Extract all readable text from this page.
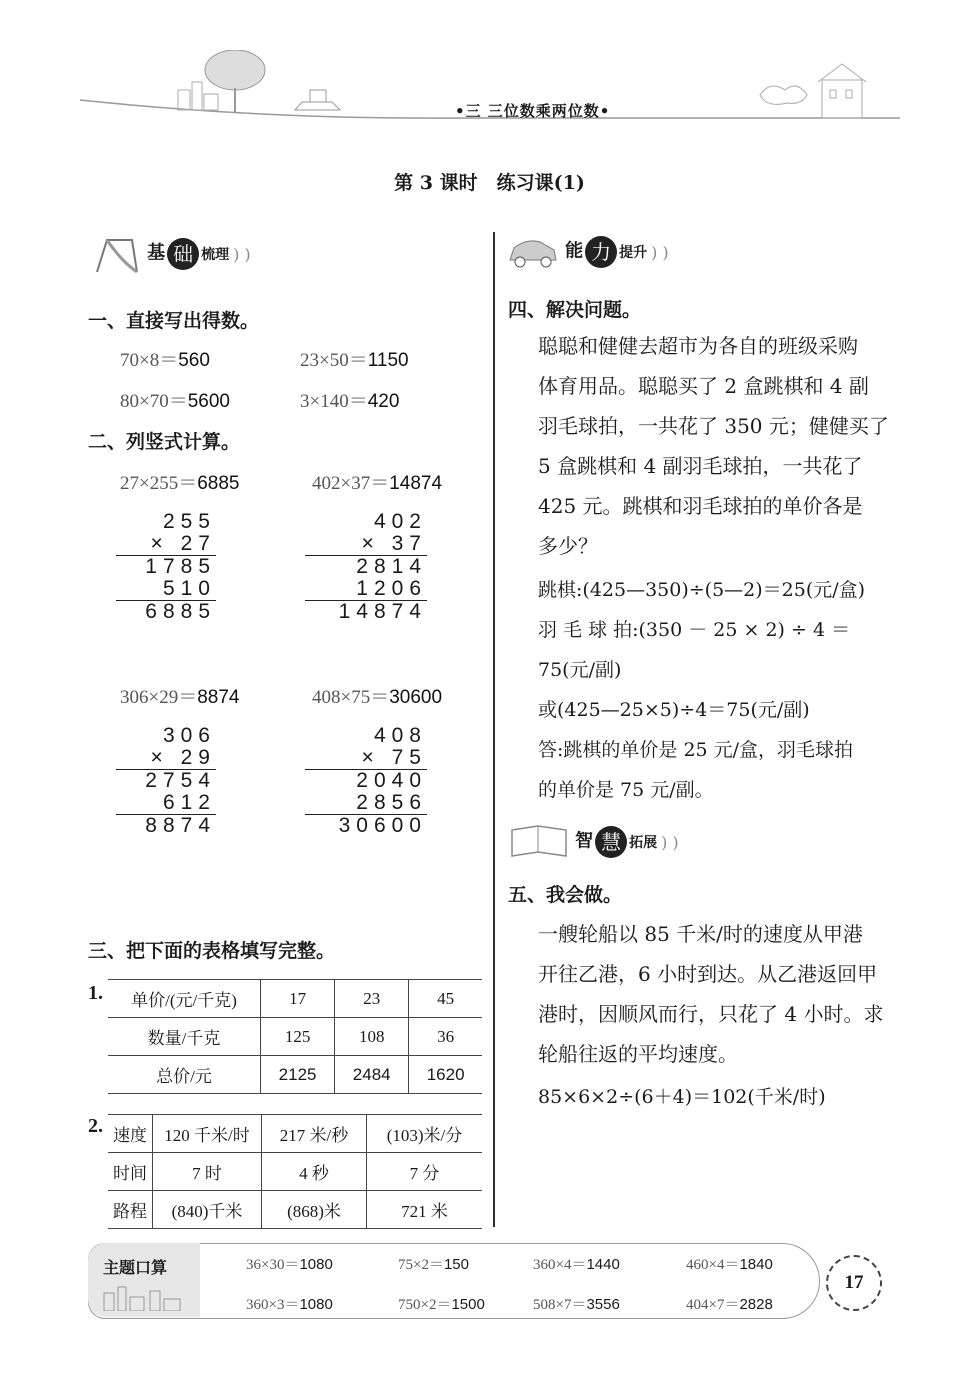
•三 三位数乘两位数•
第 3 课时　练习课(1)
基 础 梳理 ) )
一、直接写出得数。
70×8＝560	23×50＝1150
80×70＝5600	3×140＝420
二、列竖式计算。
27×255＝6885	402×37＝14874
255
× 27
1785
510
6885
402
× 37
2814
1206
14874
306×29＝8874	408×75＝30600
306
× 29
2754
612
8874
408
× 75
2040
2856
30600
三、把下面的表格填写完整。
1. 单价/(元/千克)	17	23	45
数量/千克	125	108	36
总价/元	2125	2484	1620
2. 速度	120 千米/时	217 米/秒	(103)米/分
时间	7 时	4 秒	7 分
路程	(840)千米	(868)米	721 米
能 力 提升 ) )
四、解决问题。
聪聪和健健去超市为各自的班级采购
体育用品。聪聪买了 2 盒跳棋和 4 副
羽毛球拍，一共花了 350 元；健健买了
5 盒跳棋和 4 副羽毛球拍，一共花了
425 元。跳棋和羽毛球拍的单价各是
多少？
跳棋:(425—350)÷(5—2)＝25(元/盒)
羽 毛 球 拍:(350 － 25 × 2) ÷ 4 ＝
75(元/副)
或(425—25×5)÷4＝75(元/副)
答:跳棋的单价是 25 元/盒，羽毛球拍
的单价是 75 元/副。
智 慧 拓展 ) )
五、我会做。
一艘轮船以 85 千米/时的速度从甲港
开往乙港，6 小时到达。从乙港返回甲
港时，因顺风而行，只花了 4 小时。求
轮船往返的平均速度。
85×6×2÷(6＋4)＝102(千米/时)
主题口算	36×30＝1080	75×2＝150	360×4＝1440	460×4＝1840
360×3＝1080	750×2＝1500	508×7＝3556	404×7＝2828
17
